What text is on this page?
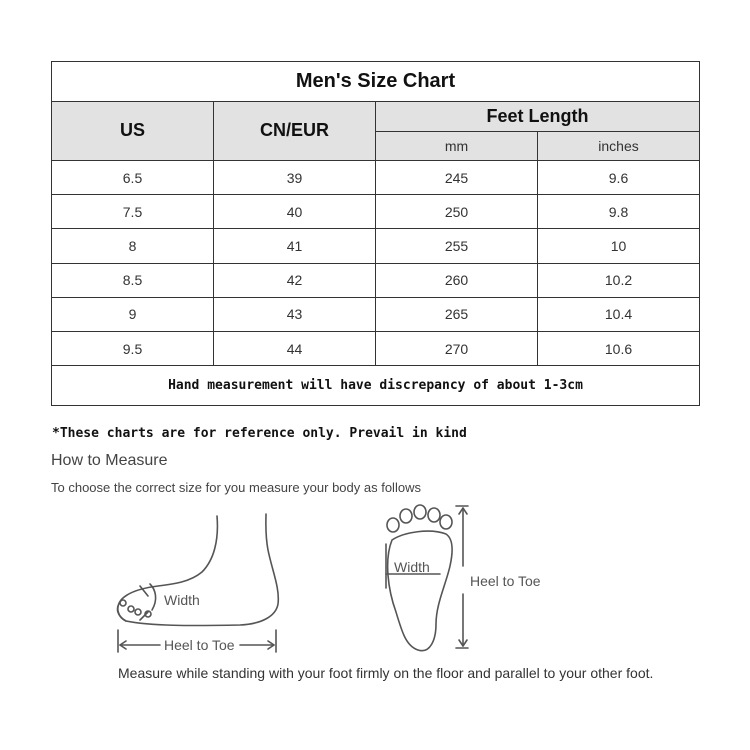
Men's Size Chart			
US	CN/EUR	Feet Length	
		mm	inches
6.5	39	245	9.6
7.5	40	250	9.8
8	41	255	10
8.5	42	260	10.2
9	43	265	10.4
9.5	44	270	10.6
Hand measurement will have discrepancy of about 1-3cm			
*These charts are for reference only. Prevail in kind
How to Measure
To choose the correct size for you measure your body as follows
Width
Heel to Toe
Width
Heel to Toe
Measure while standing with your foot firmly on the floor and parallel to your other foot.
